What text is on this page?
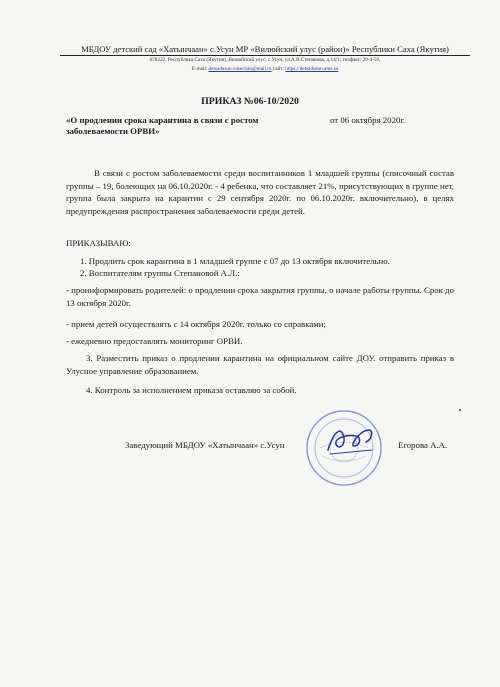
МБДОУ детский сад «Хатынчаан» с.Усун МР «Вилюйский улус (район)» Республики Саха (Якутия)
678222, Республика Саха (Якутия), Вилюйский улус, с.Усун, ул.А.В.Степанова, д.14/1; телфакс: 29-4-50,
E-mail: detsadusun.vasechan@mail.ru,сайт: https://detsadusun.ams.su
ПРИКАЗ №06-10/2020
«О продлении срока карантина в связи с ростом заболеваемости ОРВИ»
от 06 октября 2020г.
В связи с ростом заболеваемости среди воспитанников 1 младшей группы (списочный состав группы – 19, болеющих на 06.10.2020г. - 4 ребенка, что составляет 21%, присутствующих в группе нет, группа была закрыта на карантин с 29 сентября 2020г. по 06.10.2020г. включительно), в целях предупреждения распространения заболеваемости среди детей.
ПРИКАЗЫВАЮ:
1. Продлить срок карантина в 1 младшей группе с 07 до 13 октября включительно.
2. Воспитателям группы Степановой А.Л.:
- проинформировать родителей: о продлении срока закрытия группы, о начале работы группы. Срок до 13 октября 2020г.
- прием детей осуществлять с 14 октября 2020г. только со справками;
- ежедневно предоставлять мониторинг ОРВИ.
3. Разместить приказ о продлении карантина на официальном сайте ДОУ. отправить приказ в Улусное управление образованием.
4. Контроль за исполнением приказа оставляю за собой.
Заведующий МБДОУ «Хатынчаан» с.Усун	Егорова А.А.
